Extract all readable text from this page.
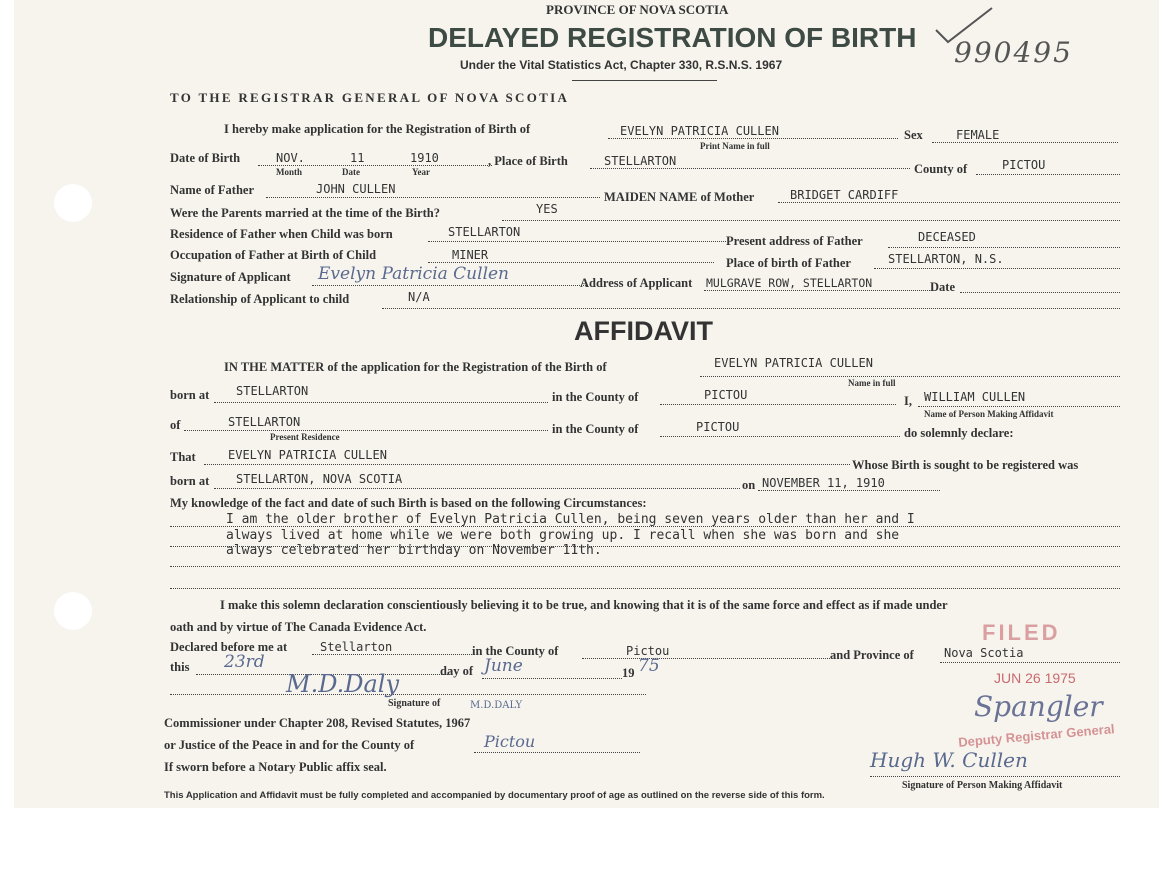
PROVINCE OF NOVA SCOTIA
DELAYED REGISTRATION OF BIRTH
Under the Vital Statistics Act, Chapter 330, R.S.N.S. 1967	990495
TO THE REGISTRAR GENERAL OF NOVA SCOTIA
I hereby make application for the Registration of Birth of	EVELYN PATRICIA CULLEN
Print Name in full
Sex	FEMALE
Date of Birth	NOV.	11	1910
Month	Date	Year
, Place of Birth	STELLARTON
County of	PICTOU
Name of Father	JOHN CULLEN
MAIDEN NAME of Mother	BRIDGET CARDIFF
Were the Parents married at the time of the Birth?	YES
Residence of Father when Child was born	STELLARTON
Present address of Father	DECEASED
Occupation of Father at Birth of Child	MINER
Place of birth of Father	STELLARTON, N.S.
Signature of Applicant Evelyn Patricia Cullen	Address of Applicant MULGRAVE ROW, STELLARTON	Date
Relationship of Applicant to child	N/A
AFFIDAVIT
IN THE MATTER of the application for the Registration of the Birth of	EVELYN PATRICIA CULLEN
Name in full
born at STELLARTON	in the County of	PICTOU	I, WILLIAM CULLEN
Name of Person Making Affidavit
of	STELLARTON
Present Residence
in the County of	PICTOU	do solemnly declare:
That	EVELYN PATRICIA CULLEN
Whose Birth is sought to be registered was
born at STELLARTON, NOVA SCOTIA	on NOVEMBER 11, 1910
My knowledge of the fact and date of such Birth is based on the following Circumstances:
I am the older brother of Evelyn Patricia Cullen, being seven years older than her and I
always lived at home while we were both growing up. I recall when she was born and she
always celebrated her birthday on November 11th.
I make this solemn declaration conscientiously believing it to be true, and knowing that it is of the same force and effect as if made under
oath and by virtue of The Canada Evidence Act.
Declared before me at	Stellarton	in the County of	Pictou	and Province of	Nova Scotia
this 23rd	day of June	19 75
M.D.Daly
Signature of	M.D.DALY
Commissioner under Chapter 208, Revised Statutes, 1967
or Justice of the Peace in and for the County of	Pictou
If sworn before a Notary Public affix seal.	Hugh W. Cullen
Signature of Person Making Affidavit
FILED
JUN 26 1975
Spangler
Deputy Registrar General
This Application and Affidavit must be fully completed and accompanied by documentary proof of age as outlined on the reverse side of this form.
